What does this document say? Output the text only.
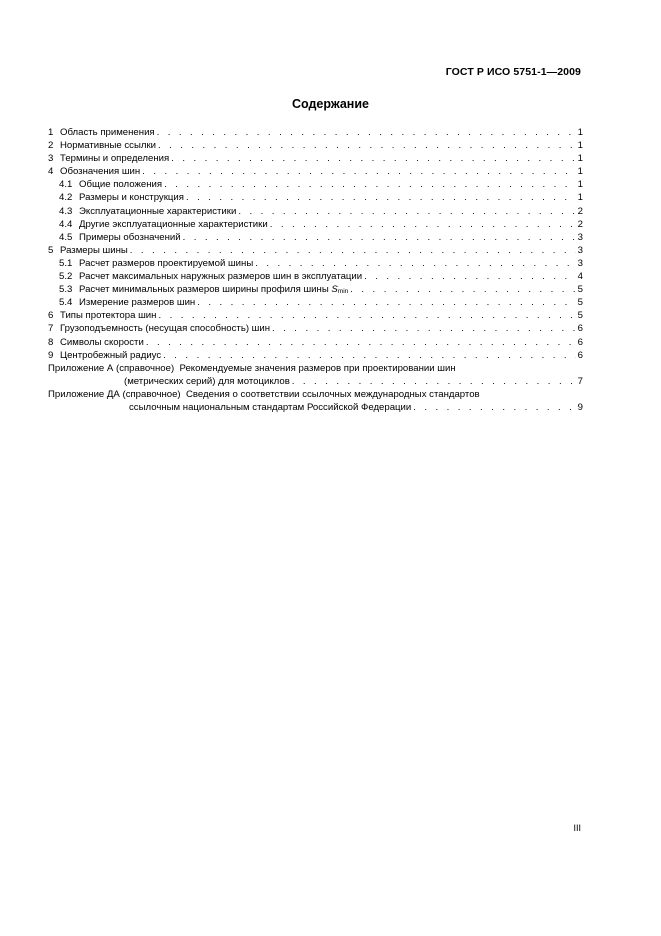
ГОСТ Р ИСО 5751-1—2009
Содержание
1 Область применения . . .	1
2 Нормативные ссылки . . .	1
3 Термины и определения . . .	1
4 Обозначения шин . . .	1
4.1 Общие положения . . .	1
4.2 Размеры и конструкция . . .	1
4.3 Эксплуатационные характеристики . . .	2
4.4 Другие эксплуатационные характеристики . . .	2
4.5 Примеры обозначений . . .	3
5 Размеры шины . . .	3
5.1 Расчет размеров проектируемой шины . . .	3
5.2 Расчет максимальных наружных размеров шин в эксплуатации . . .	4
5.3 Расчет минимальных размеров ширины профиля шины Smin . . .	5
5.4 Измерение размеров шин . . .	5
6 Типы протектора шин . . .	5
7 Грузоподъемность (несущая способность) шин . . .	6
8 Символы скорости . . .	6
9 Центробежный радиус . . .	6
Приложение А (справочное)
Рекомендуемые значения размеров при проектировании шин
(метрических серий) для мотоциклов . . .	7
Приложение ДА (справочное)
Сведения о соответствии ссылочных международных стандартов
ссылочным национальным стандартам Российской Федерации . . .	9
III
